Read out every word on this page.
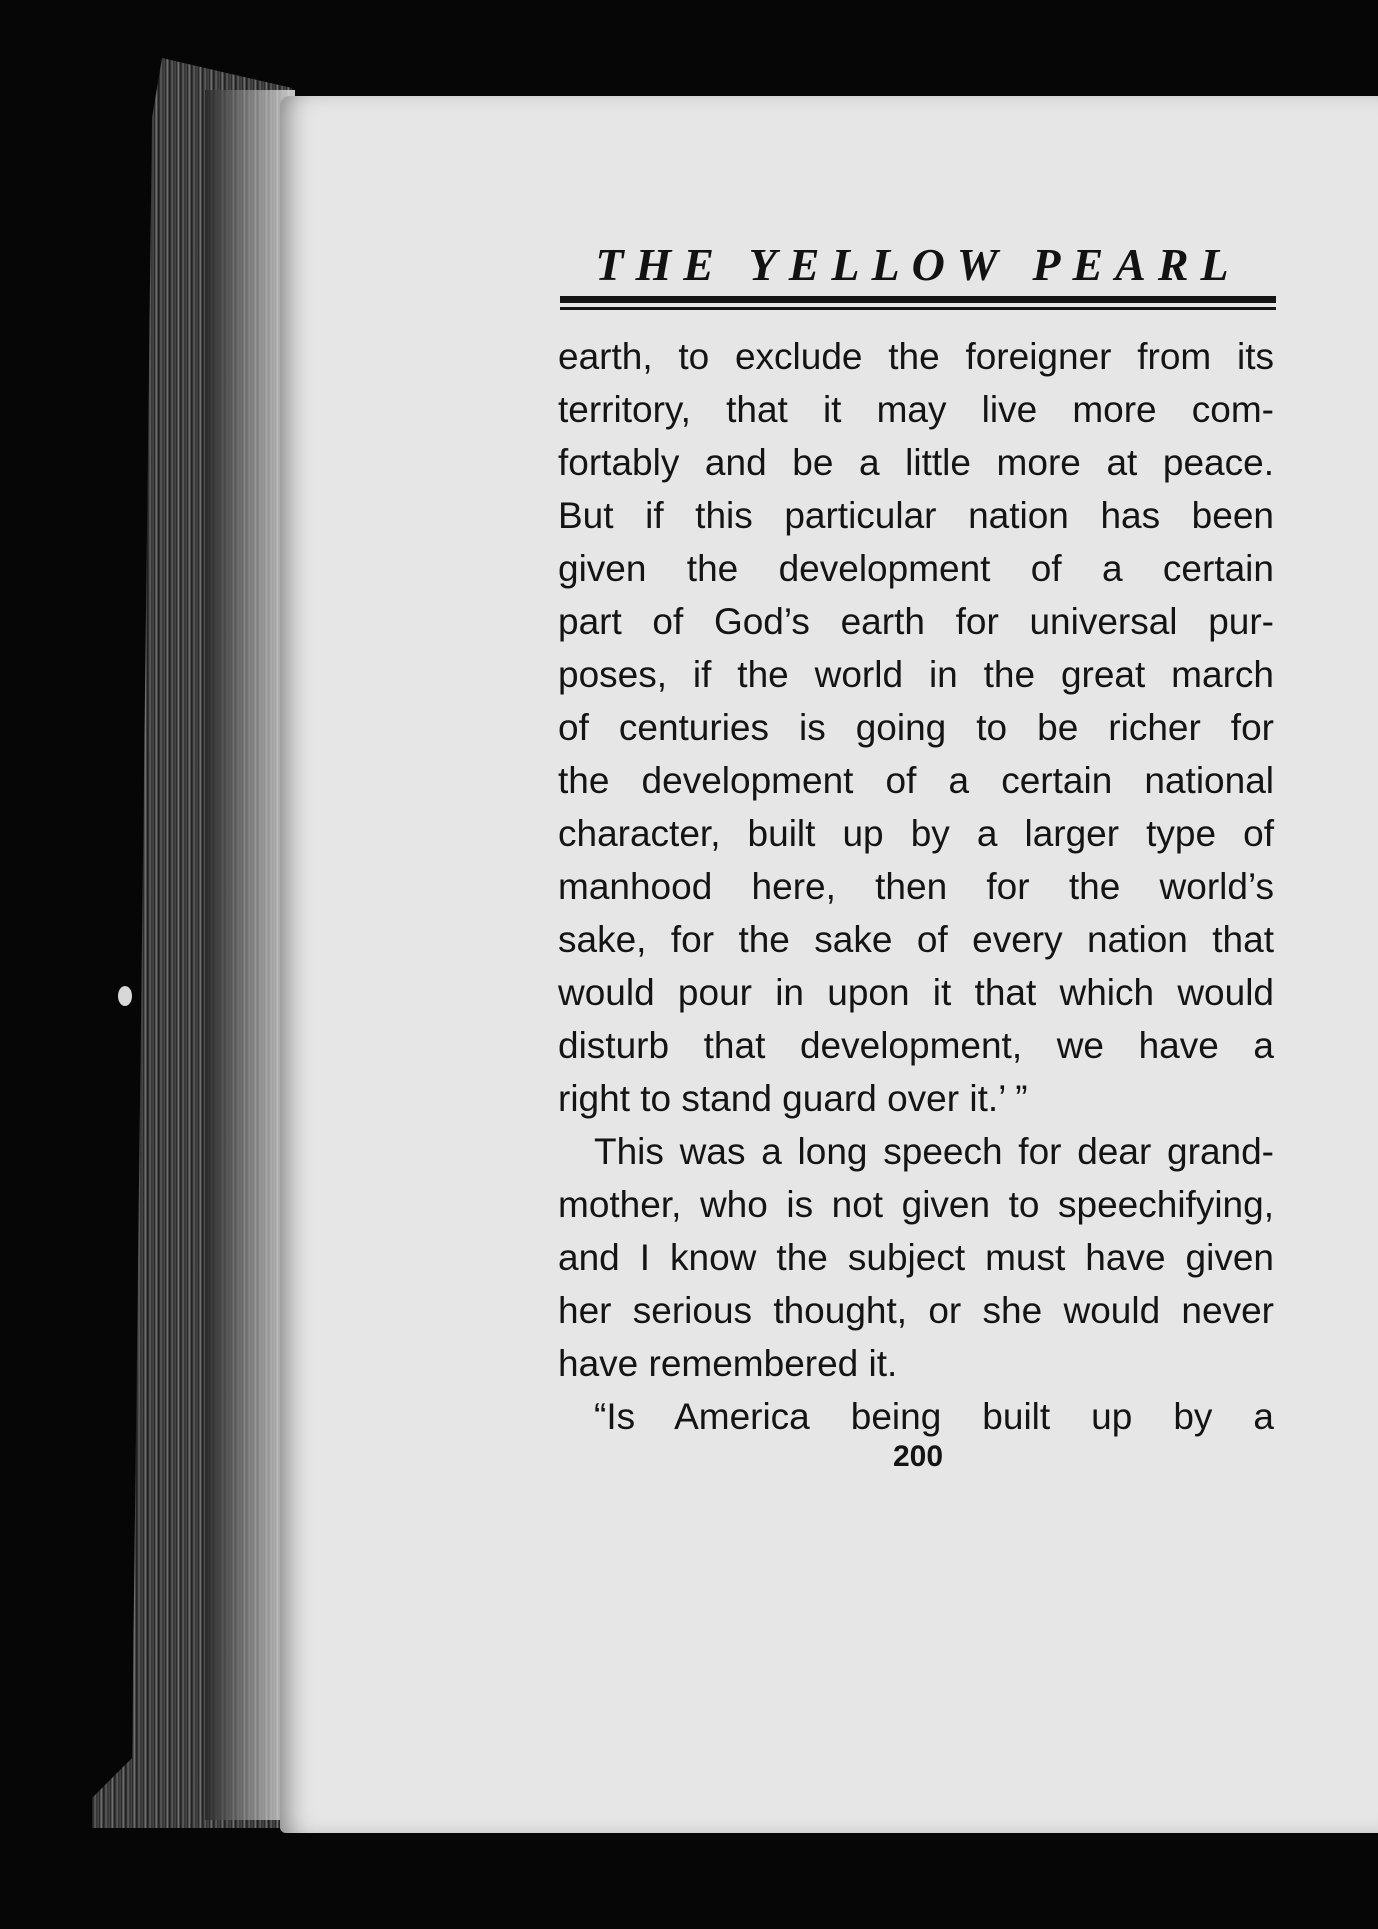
THE YELLOW PEARL
earth, to exclude the foreigner from its
territory, that it may live more com-
fortably and be a little more at peace.
But if this particular nation has been
given the development of a certain
part of God’s earth for universal pur-
poses, if the world in the great march
of centuries is going to be richer for
the development of a certain national
character, built up by a larger type of
manhood here, then for the world’s
sake, for the sake of every nation that
would pour in upon it that which would
disturb that development, we have a
right to stand guard over it.’ ”
This was a long speech for dear grand-
mother, who is not given to speechifying,
and I know the subject must have given
her serious thought, or she would never
have remembered it.
“Is America being built up by a
200
